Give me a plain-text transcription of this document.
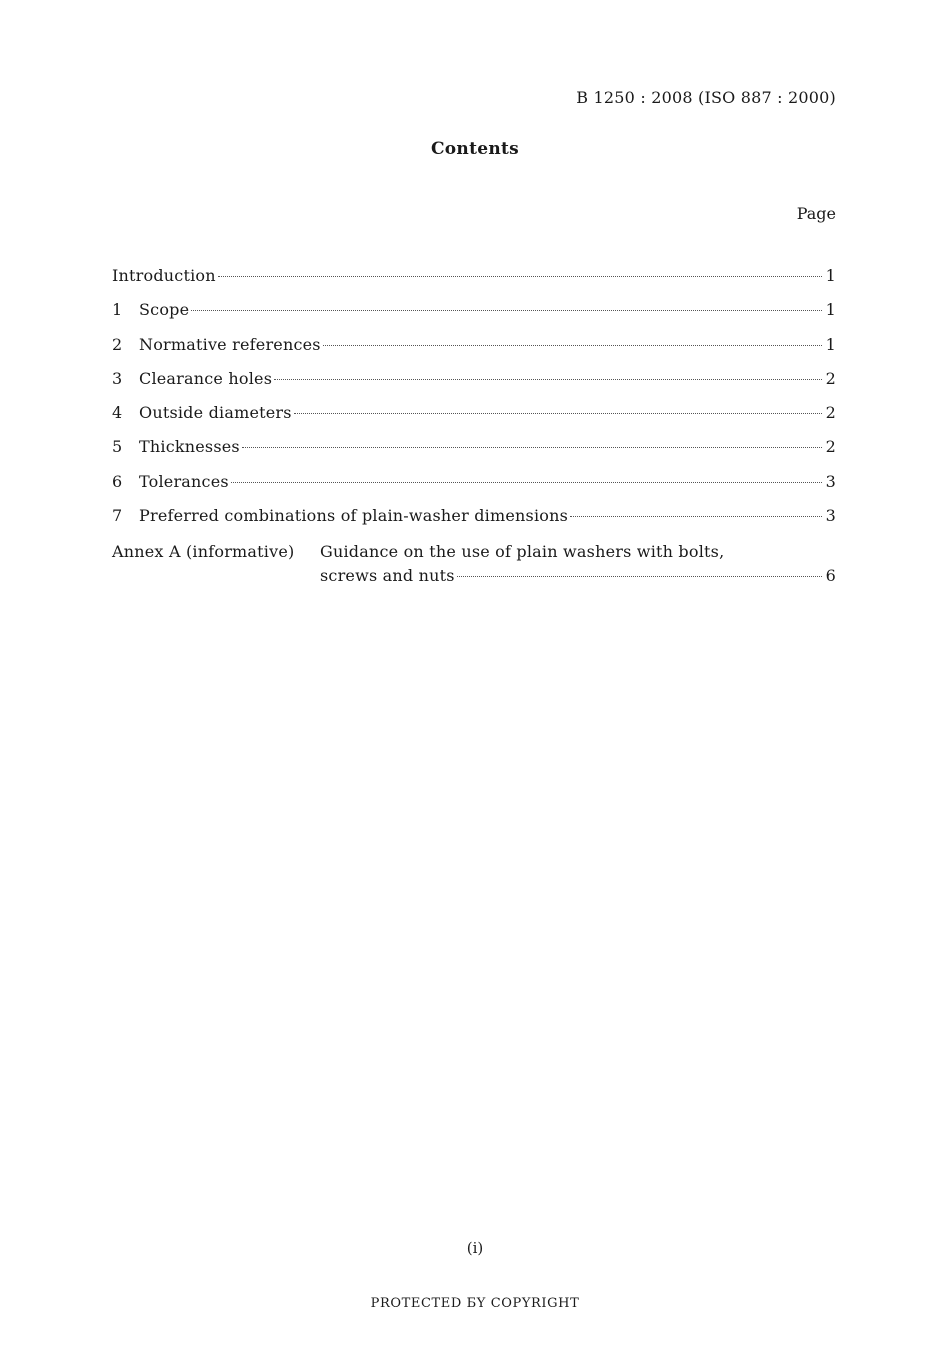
B 1250 : 2008 (ISO 887 : 2000)
Contents
Page
Introduction	1
1	Scope	1
2	Normative references	1
3	Clearance holes	2
4	Outside diameters	2
5	Thicknesses	2
6	Tolerances	3
7	Preferred combinations of plain-washer dimensions	3
Annex A (informative)	Guidance on the use of plain washers with bolts,
screws and nuts	6
(i)
PROTECTED БY COPYRIGHT
